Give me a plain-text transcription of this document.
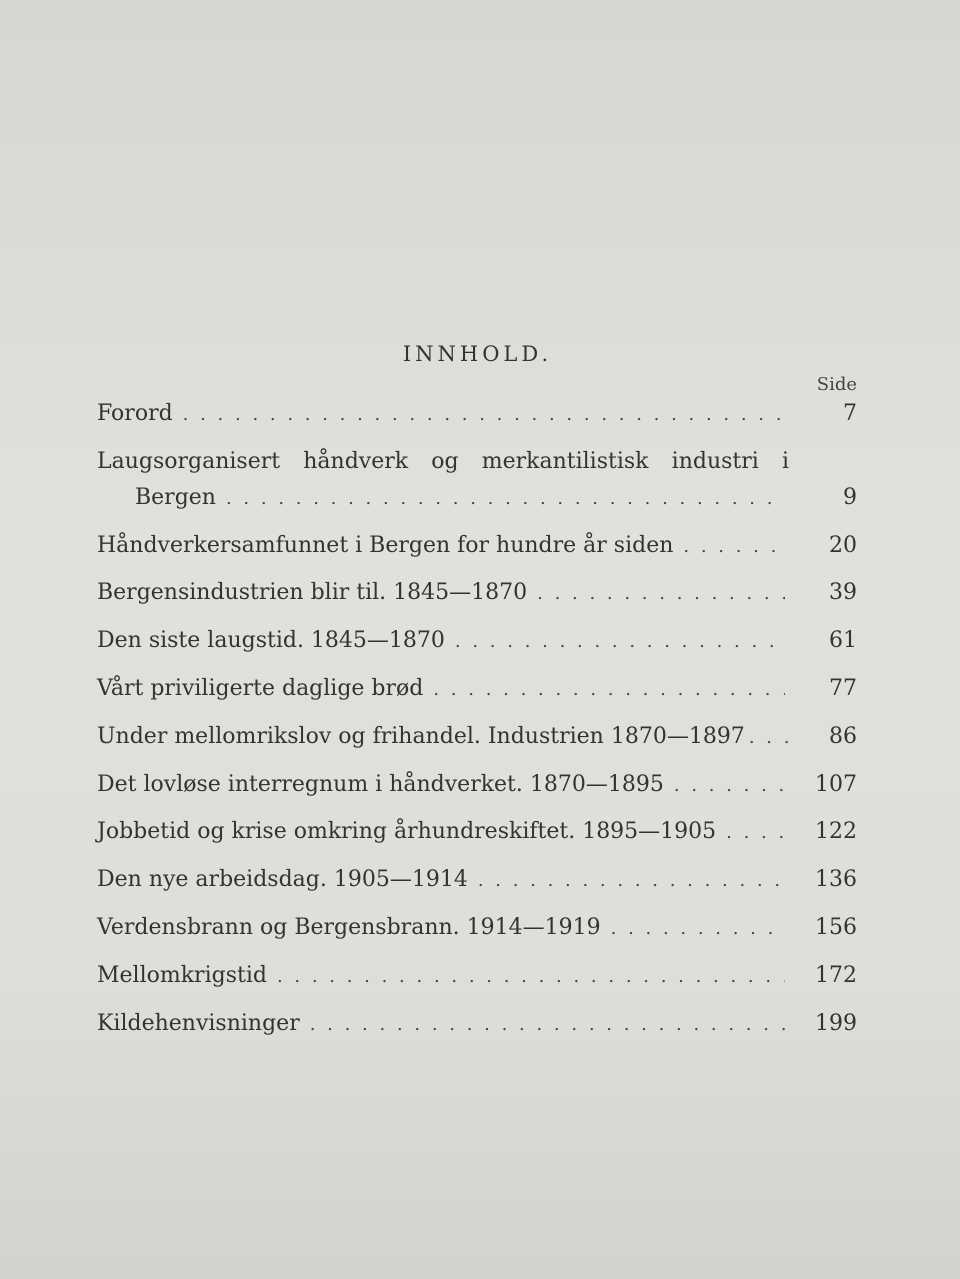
INNHOLD.
Side
Forord . . .	7
Laugsorganisert håndverk og merkantilistisk industri i
Bergen . . .	9
Håndverkersamfunnet i Bergen for hundre år siden . . .	20
Bergensindustrien blir til. 1845—1870 . . .	39
Den siste laugstid. 1845—1870 . . .	61
Vårt priviligerte daglige brød . . .	77
Under mellomrikslov og frihandel. Industrien 1870—1897 . . .	86
Det lovløse interregnum i håndverket. 1870—1895 . . .	107
Jobbetid og krise omkring århundreskiftet. 1895—1905 . . .	122
Den nye arbeidsdag. 1905—1914 . . .	136
Verdensbrann og Bergensbrann. 1914—1919 . . .	156
Mellomkrigstid . . .	172
Kildehenvisninger . . .	199
